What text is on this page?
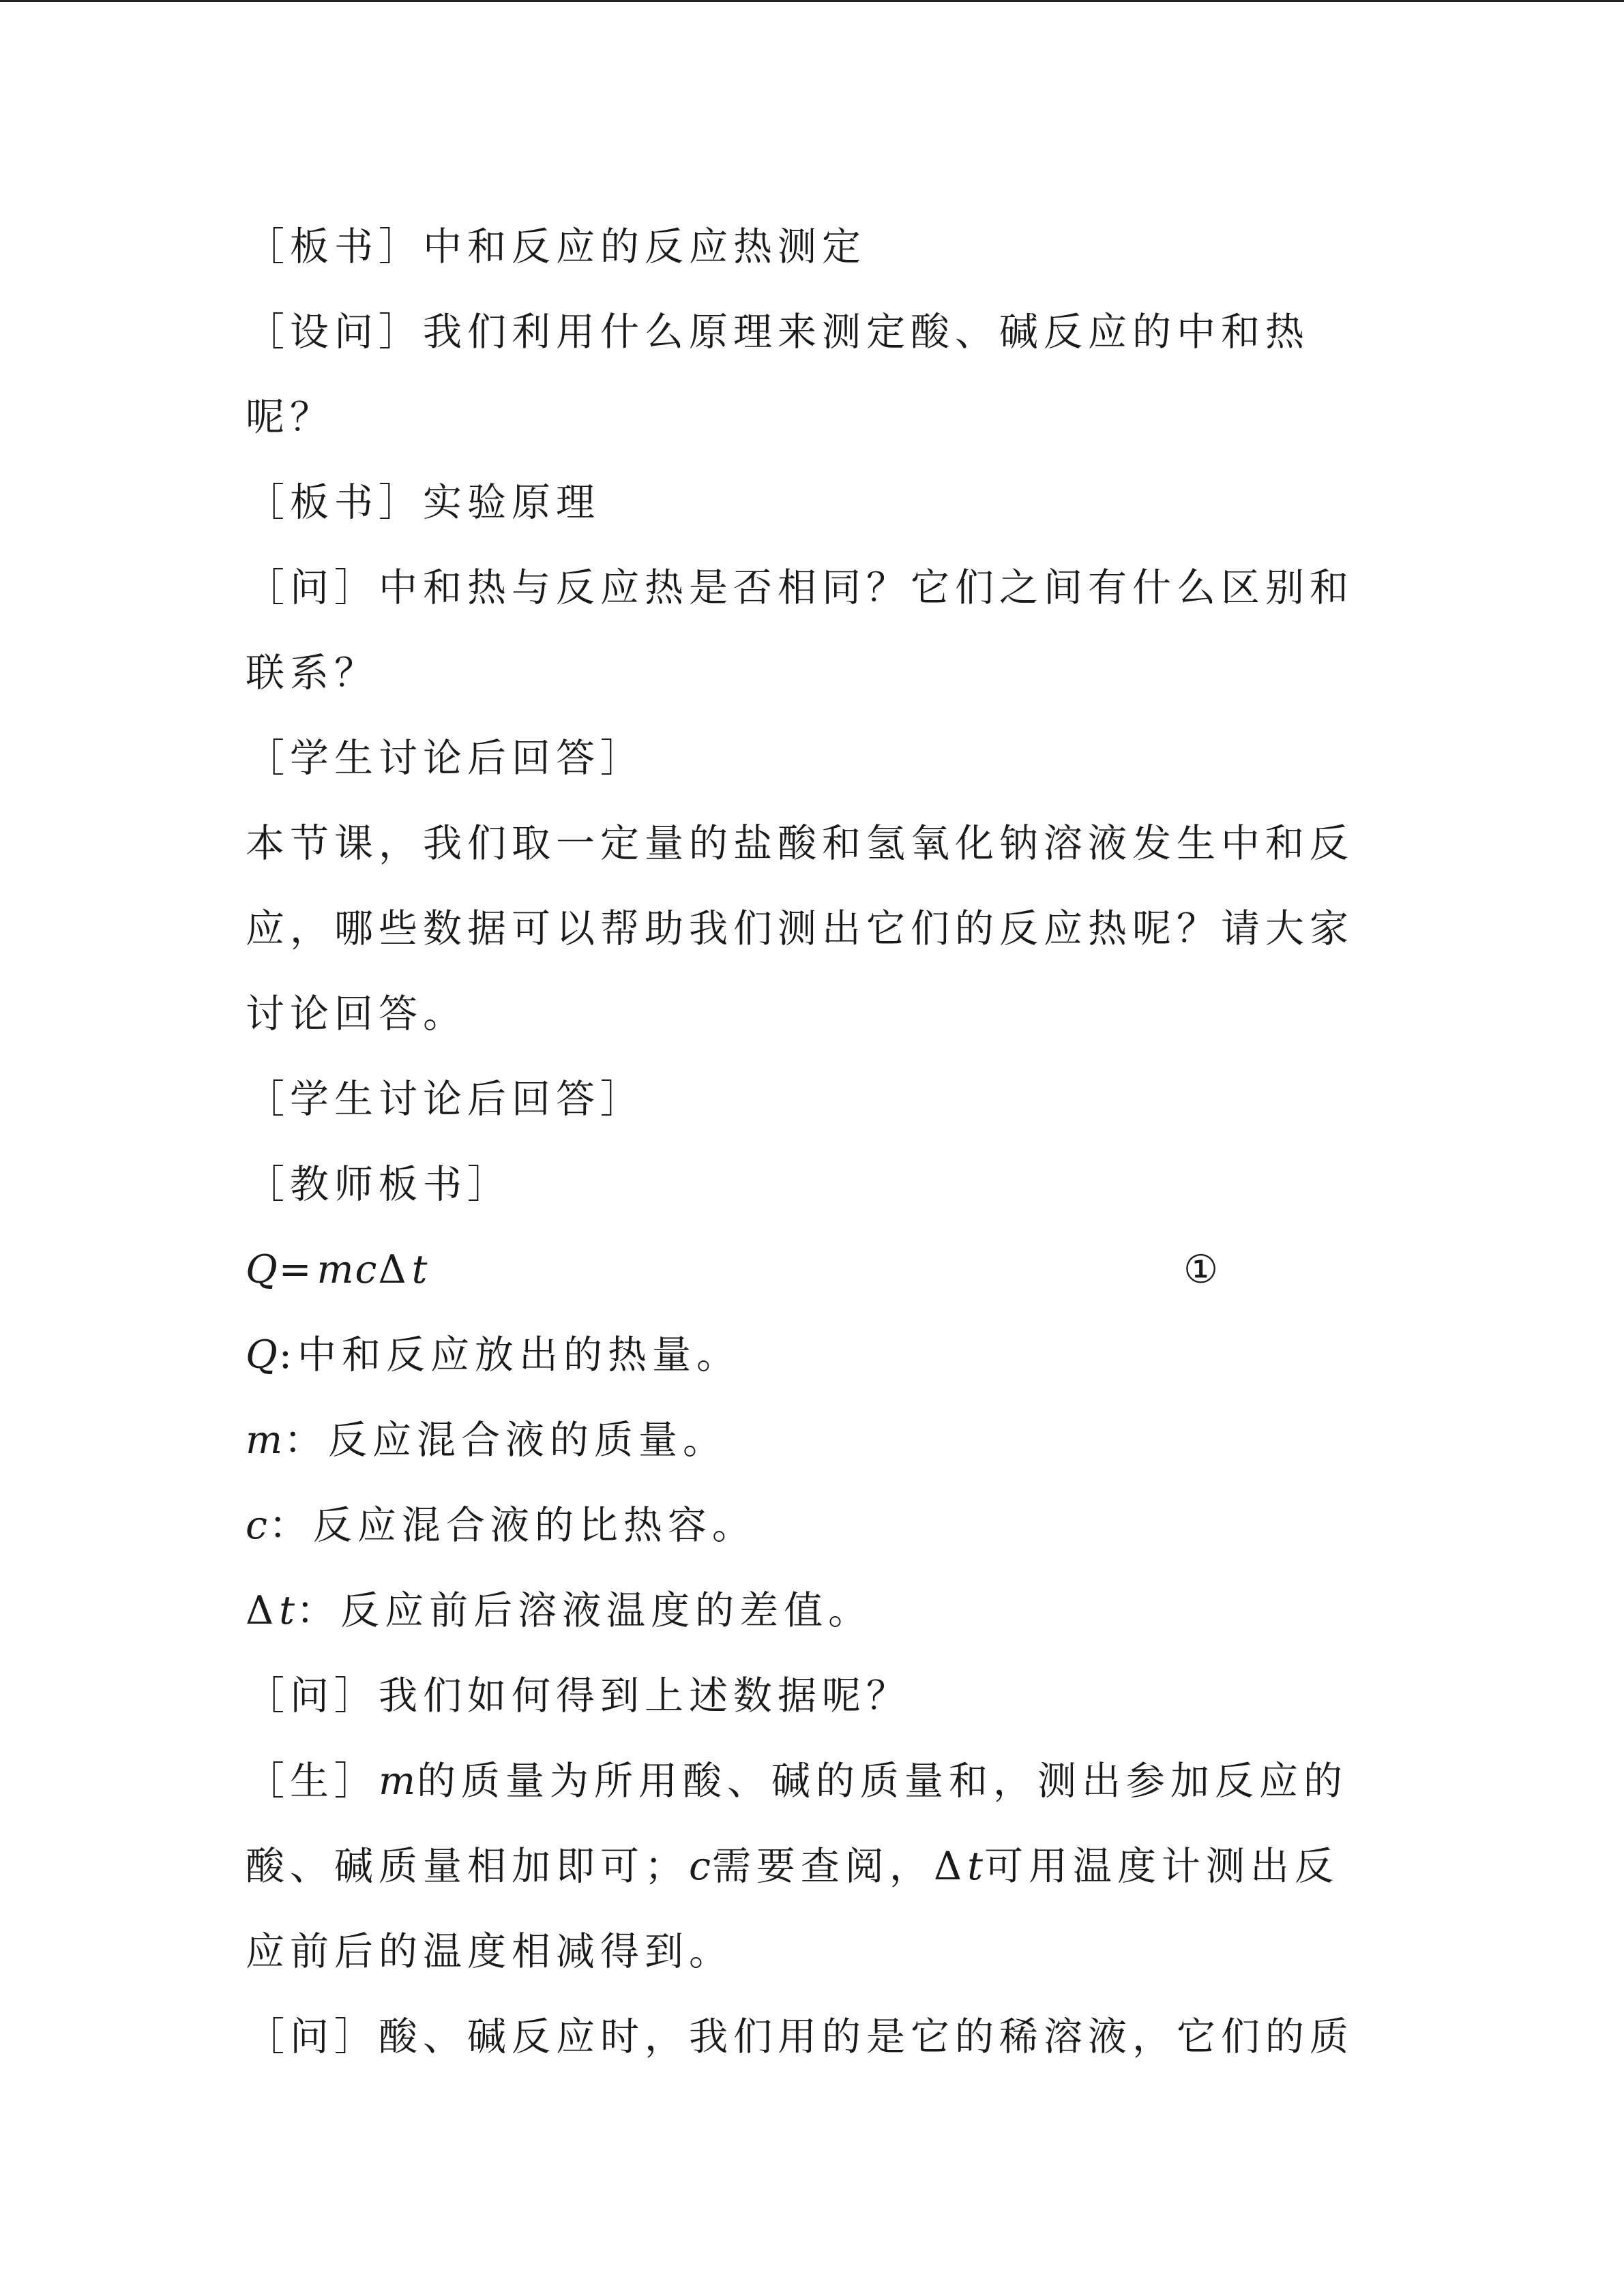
［板书］中和反应的反应热测定
［设问］我们利用什么原理来测定酸、碱反应的中和热
呢？
［板书］实验原理
［问］中和热与反应热是否相同？它们之间有什么区别和
联系？
［学生讨论后回答］
本节课，我们取一定量的盐酸和氢氧化钠溶液发生中和反
应，哪些数据可以帮助我们测出它们的反应热呢？请大家
讨论回答。
［学生讨论后回答］
［教师板书］
Q=mcΔt	①
Q:中和反应放出的热量。
m：反应混合液的质量。
c：反应混合液的比热容。
Δt：反应前后溶液温度的差值。
［问］我们如何得到上述数据呢？
［生］m的质量为所用酸、碱的质量和，测出参加反应的
酸、碱质量相加即可；c需要查阅，Δt可用温度计测出反
应前后的温度相减得到。
［问］酸、碱反应时，我们用的是它的稀溶液，它们的质
